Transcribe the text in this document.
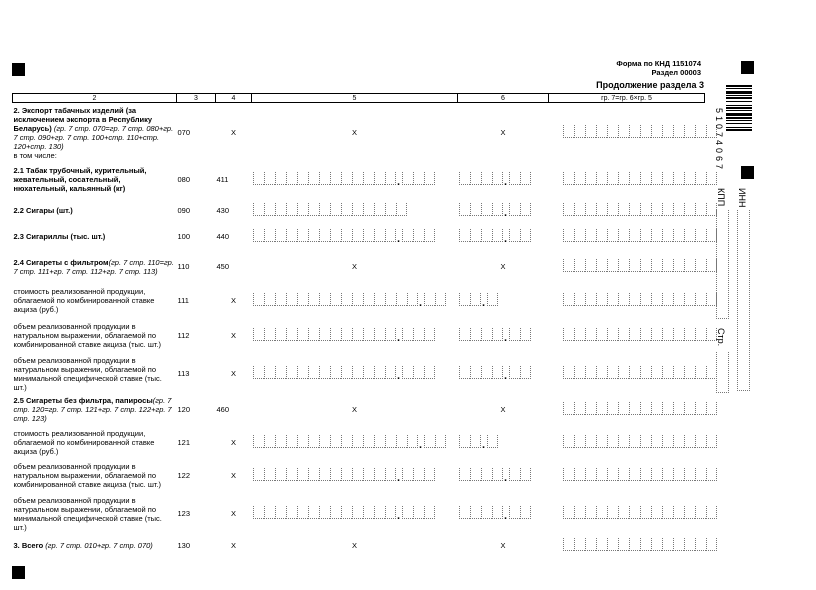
Форма по КНД 1151074
Раздел 00003
Продолжение раздела 3
2	3	4	5	6	гр. 7=гр. 6×гр. 5
2. Экспорт табачных изделий (за исключением экспорта в Республику Беларусь) (гр. 7 стр. 070=гр. 7 стр. 080+гр. 7 стр. 090+гр. 7 стр. 100+стр. 110+стр. 120+стр. 130)
в том числе:	070	X	X	X	

2.1 Табак трубочный, курительный, жевательный, сосательный, нюхательный, кальянный (кг)	080	411	.	.

2.2 Сигары (шт.)	090	430		.

2.3 Сигариллы (тыс. шт.)	100	440	.	.

2.4 Сигареты с фильтром(гр. 7 стр. 110=гр. 7 стр. 111+гр. 7 стр. 112+гр. 7 стр. 113)	110	450	X	X	

стоимость реализованной продукции, облагаемой по комбинированной ставке акциза (руб.)	111	X	.	.

объем реализованной продукции в натуральном выражении, облагаемой по комбинированной ставке акциза (тыс. шт.)	112	X	.	.

объем реализованной продукции в натуральном выражении, облагаемой по минимальной специфической ставке (тыс. шт.)	113	X	.	.

2.5 Сигареты без фильтра, папиросы(гр. 7 стр. 120=гр. 7 стр. 121+гр. 7 стр. 122+гр. 7 стр. 123)	120	460	X	X	

стоимость реализованной продукции, облагаемой по комбинированной ставке акциза (руб.)	121	X	.	.

объем реализованной продукции в натуральном выражении, облагаемой по комбинированной ставке акциза (тыс. шт.)	122	X	.	.

объем реализованной продукции в натуральном выражении, облагаемой по минимальной специфической ставке (тыс. шт.)	123	X	.	.

3. Всего (гр. 7 стр. 010+гр. 7 стр. 070)	130	X	X	X	
51074067
ИНН
КПП
Стр.
